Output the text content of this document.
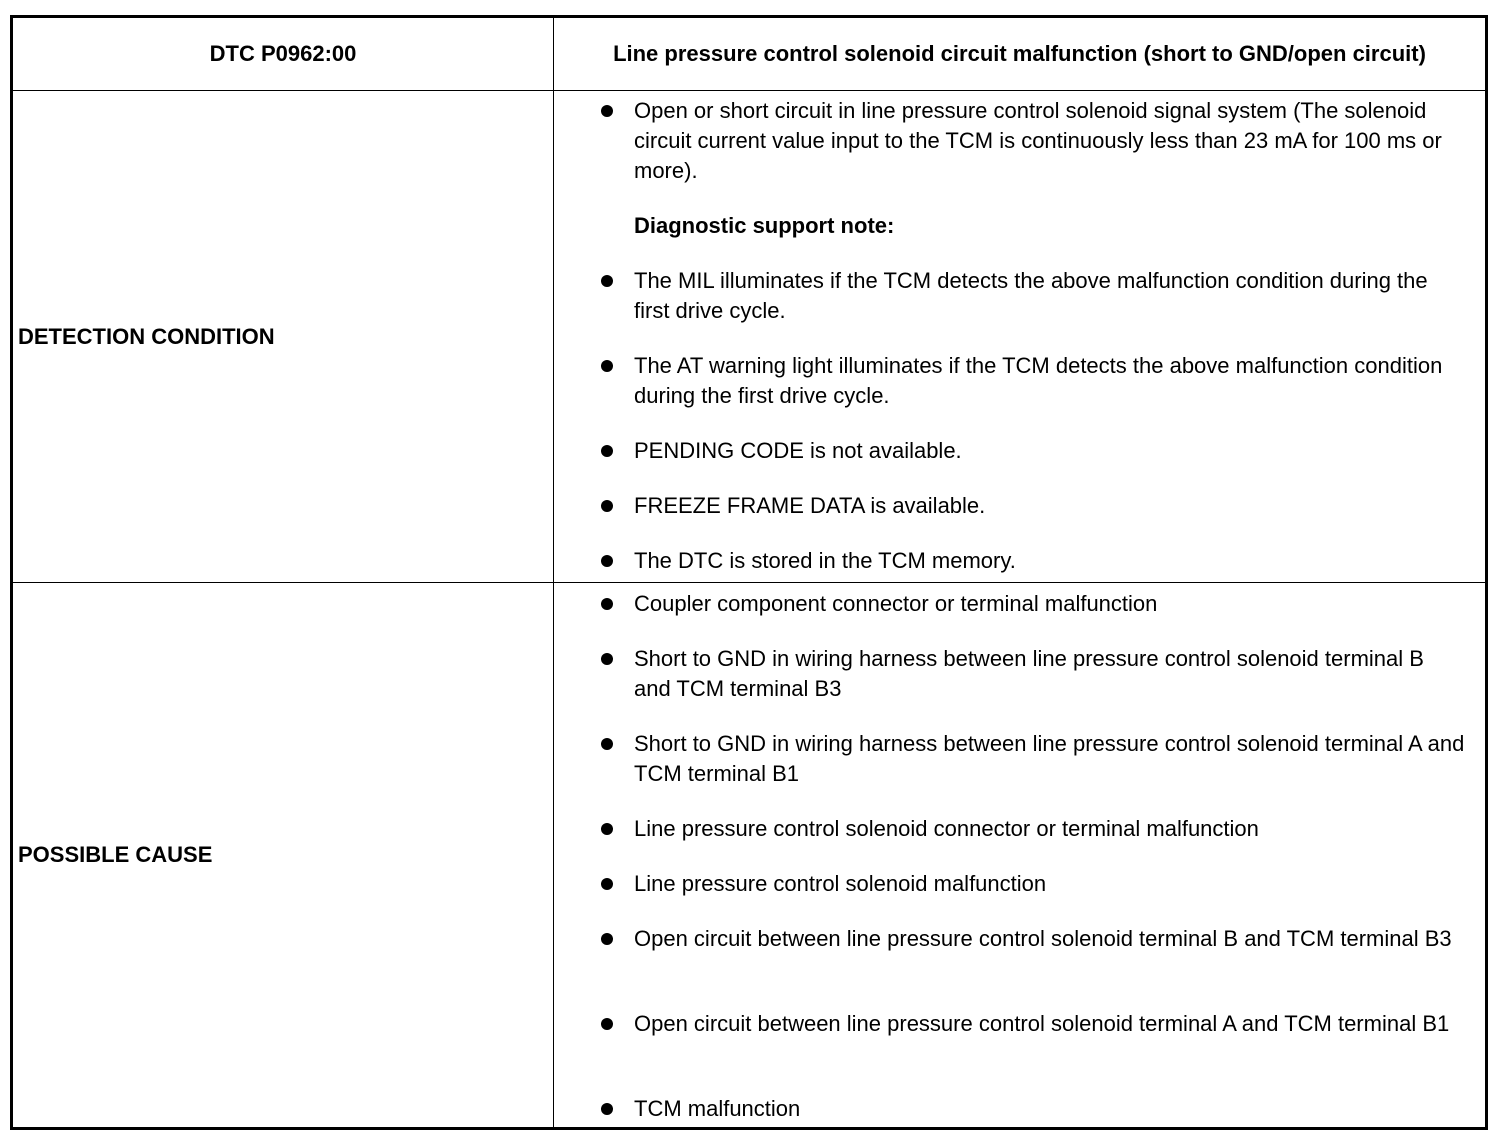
DTC P0962:00	Line pressure control solenoid circuit malfunction (short to GND/open circuit)
DETECTION CONDITION
Open or short circuit in line pressure control solenoid signal system (The solenoid circuit current value input to the TCM is continuously less than 23 mA for 100 ms or more).
Diagnostic support note:
The MIL illuminates if the TCM detects the above malfunction condition during the first drive cycle.
The AT warning light illuminates if the TCM detects the above malfunction condition during the first drive cycle.
PENDING CODE is not available.
FREEZE FRAME DATA is available.
The DTC is stored in the TCM memory.
POSSIBLE CAUSE
Coupler component connector or terminal malfunction
Short to GND in wiring harness between line pressure control solenoid terminal B and TCM terminal B3
Short to GND in wiring harness between line pressure control solenoid terminal A and TCM terminal B1
Line pressure control solenoid connector or terminal malfunction
Line pressure control solenoid malfunction
Open circuit between line pressure control solenoid terminal B and TCM terminal B3
Open circuit between line pressure control solenoid terminal A and TCM terminal B1
TCM malfunction
